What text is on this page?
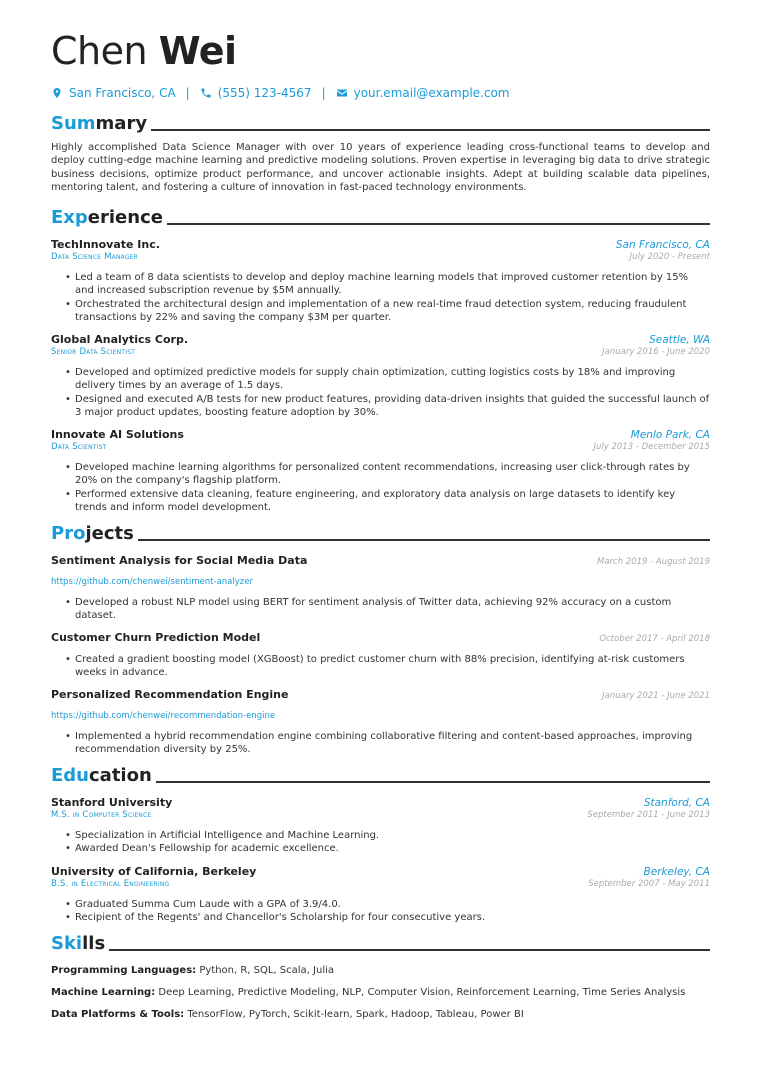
Chen Wei
San Francisco, CA | (555) 123-4567 | your.email@example.com
Summary

Highly accomplished Data Science Manager with over 10 years of experience leading cross-functional teams to develop and deploy cutting-edge machine learning and predictive modeling solutions. Proven expertise in leveraging big data to drive strategic business decisions, optimize product performance, and uncover actionable insights. Adept at building scalable data pipelines, mentoring talent, and fostering a culture of innovation in fast-paced technology environments.

Experience
TechInnovate Inc.	San Francisco, CA
Data Science Manager	July 2020 - Present
• Led a team of 8 data scientists to develop and deploy machine learning models that improved customer retention by 15% and increased subscription revenue by $5M annually.
• Orchestrated the architectural design and implementation of a new real-time fraud detection system, reducing fraudulent transactions by 22% and saving the company $3M per quarter.
Global Analytics Corp.	Seattle, WA
Senior Data Scientist	January 2016 - June 2020
• Developed and optimized predictive models for supply chain optimization, cutting logistics costs by 18% and improving delivery times by an average of 1.5 days.
• Designed and executed A/B tests for new product features, providing data-driven insights that guided the successful launch of 3 major product updates, boosting feature adoption by 30%.
Innovate AI Solutions	Menlo Park, CA
Data Scientist	July 2013 - December 2015
• Developed machine learning algorithms for personalized content recommendations, increasing user click-through rates by 20% on the company's flagship platform.
• Performed extensive data cleaning, feature engineering, and exploratory data analysis on large datasets to identify key trends and inform model development.
Projects
Sentiment Analysis for Social Media Data	March 2019 - August 2019
https://github.com/chenwei/sentiment-analyzer
• Developed a robust NLP model using BERT for sentiment analysis of Twitter data, achieving 92% accuracy on a custom dataset.
Customer Churn Prediction Model	October 2017 - April 2018
• Created a gradient boosting model (XGBoost) to predict customer churn with 88% precision, identifying at-risk customers weeks in advance.
Personalized Recommendation Engine	January 2021 - June 2021
https://github.com/chenwei/recommendation-engine
• Implemented a hybrid recommendation engine combining collaborative filtering and content-based approaches, improving recommendation diversity by 25%.
Education
Stanford University	Stanford, CA
M.S. in Computer Science	September 2011 - June 2013
• Specialization in Artificial Intelligence and Machine Learning.
• Awarded Dean's Fellowship for academic excellence.
University of California, Berkeley	Berkeley, CA
B.S. in Electrical Engineering	September 2007 - May 2011
• Graduated Summa Cum Laude with a GPA of 3.9/4.0.
• Recipient of the Regents' and Chancellor's Scholarship for four consecutive years.
Skills
Programming Languages: Python, R, SQL, Scala, Julia
Machine Learning: Deep Learning, Predictive Modeling, NLP, Computer Vision, Reinforcement Learning, Time Series Analysis
Data Platforms & Tools: TensorFlow, PyTorch, Scikit-learn, Spark, Hadoop, Tableau, Power BI
